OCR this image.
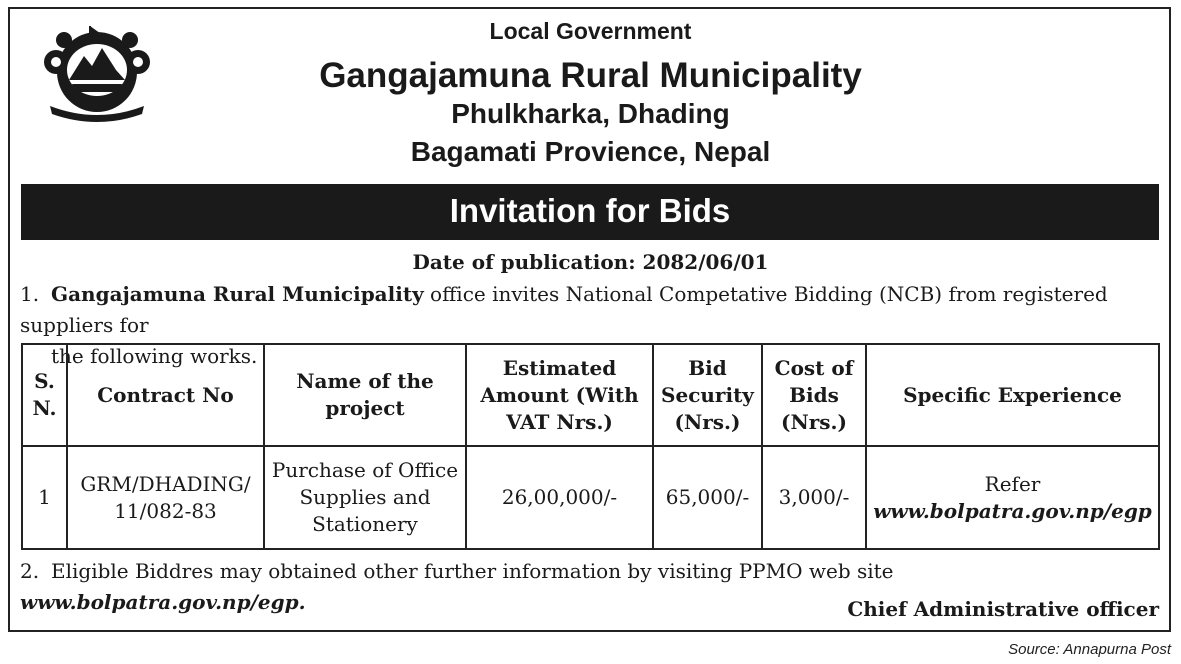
Local Government
Gangajamuna Rural Municipality
Phulkharka, Dhading
Bagamati Provience, Nepal
Invitation for Bids
Date of publication: 2082/06/01
1. Gangajamuna Rural Municipality office invites National Competative Bidding (NCB) from registered suppliers for
the following works.
S. N.	Contract No	Name of the project	Estimated Amount (With VAT Nrs.)	Bid Security (Nrs.)	Cost of Bids (Nrs.)	Specific Experience
1	GRM/DHADING/ 11/082-83	Purchase of Office Supplies and Stationery	26,00,000/-	65,000/-	3,000/-	Refer
www.bolpatra.gov.np/egp
2. Eligible Biddres may obtained other further information by visiting PPMO web site www.bolpatra.gov.np/egp.	Chief Administrative officer
Source: Annapurna Post
